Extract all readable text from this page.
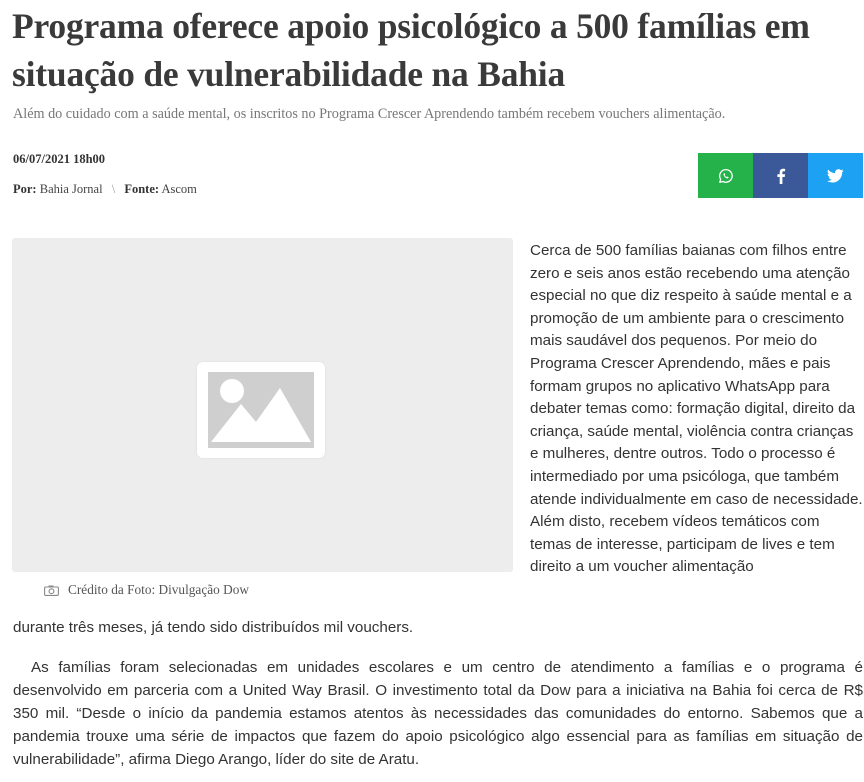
Programa oferece apoio psicológico a 500 famílias em situação de vulnerabilidade na Bahia

Além do cuidado com a saúde mental, os inscritos no Programa Crescer Aprendendo também recebem vouchers alimentação.

06/07/2021 18h00
Por: Bahia Jornal \ Fonte: Ascom
Crédito da Foto: Divulgação Dow

Cerca de 500 famílias baianas com filhos entre zero e seis anos estão recebendo uma atenção especial no que diz respeito à saúde mental e a promoção de um ambiente para o crescimento mais saudável dos pequenos. Por meio do Programa Crescer Aprendendo, mães e pais formam grupos no aplicativo WhatsApp para debater temas como: formação digital, direito da criança, saúde mental, violência contra crianças e mulheres, dentre outros. Todo o processo é intermediado por uma psicóloga, que também atende individualmente em caso de necessidade. Além disto, recebem vídeos temáticos com temas de interesse, participam de lives e tem direito a um voucher alimentação

durante três meses, já tendo sido distribuídos mil vouchers.

As famílias foram selecionadas em unidades escolares e um centro de atendimento a famílias e o programa é desenvolvido em parceria com a United Way Brasil. O investimento total da Dow para a iniciativa na Bahia foi cerca de R$ 350 mil. “Desde o início da pandemia estamos atentos às necessidades das comunidades do entorno. Sabemos que a pandemia trouxe uma série de impactos que fazem do apoio psicológico algo essencial para as famílias em situação de vulnerabilidade”, afirma Diego Arango, líder do site de Aratu.
